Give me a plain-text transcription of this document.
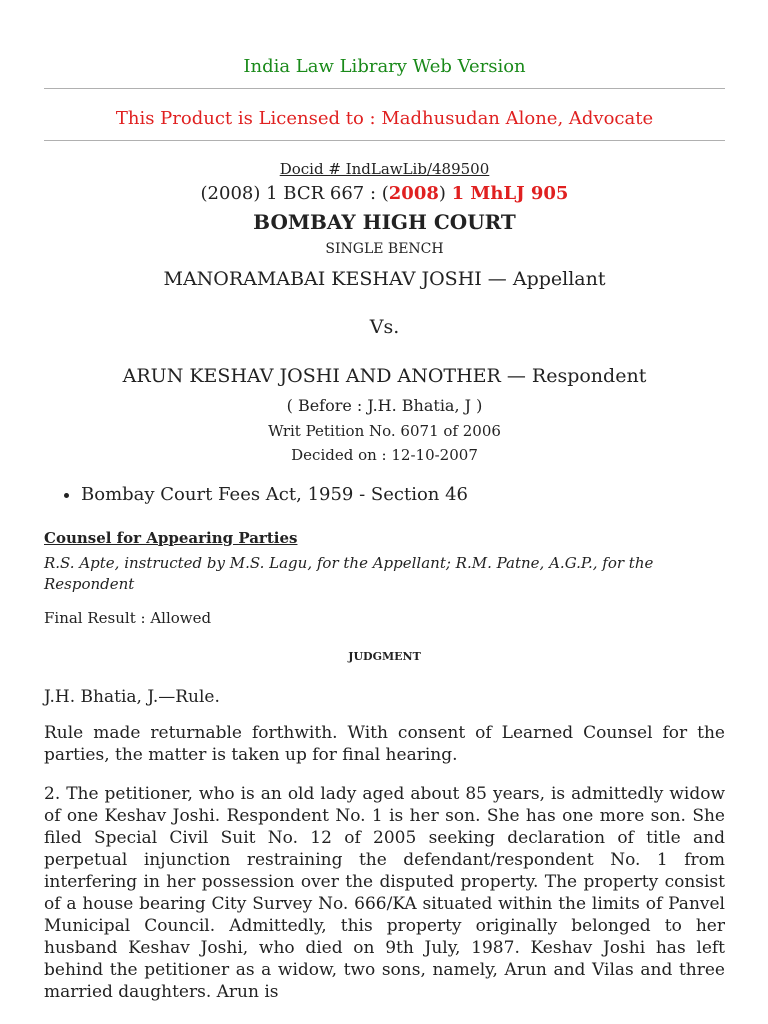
India Law Library Web Version
This Product is Licensed to : Madhusudan Alone, Advocate
Docid # IndLawLib/489500
(2008) 1 BCR 667 : (2008) 1 MhLJ 905
BOMBAY HIGH COURT
SINGLE BENCH
MANORAMABAI KESHAV JOSHI — Appellant
Vs.
ARUN KESHAV JOSHI AND ANOTHER — Respondent
( Before : J.H. Bhatia, J )
Writ Petition No. 6071 of 2006
Decided on : 12-10-2007
• Bombay Court Fees Act, 1959 - Section 46
Counsel for Appearing Parties
R.S. Apte, instructed by M.S. Lagu, for the Appellant; R.M. Patne, A.G.P., for the Respondent
Final Result : Allowed
JUDGMENT

J.H. Bhatia, J.—Rule.

Rule made returnable forthwith. With consent of Learned Counsel for the parties, the matter is taken up for final hearing.

2. The petitioner, who is an old lady aged about 85 years, is admittedly widow of one Keshav Joshi. Respondent No. 1 is her son. She has one more son. She filed Special Civil Suit No. 12 of 2005 seeking declaration of title and perpetual injunction restraining the defendant/respondent No. 1 from interfering in her possession over the disputed property. The property consist of a house bearing City Survey No. 666/KA situated within the limits of Panvel Municipal Council. Admittedly, this property originally belonged to her husband Keshav Joshi, who died on 9th July, 1987. Keshav Joshi has left behind the petitioner as a widow, two sons, namely, Arun and Vilas and three married daughters. Arun is
